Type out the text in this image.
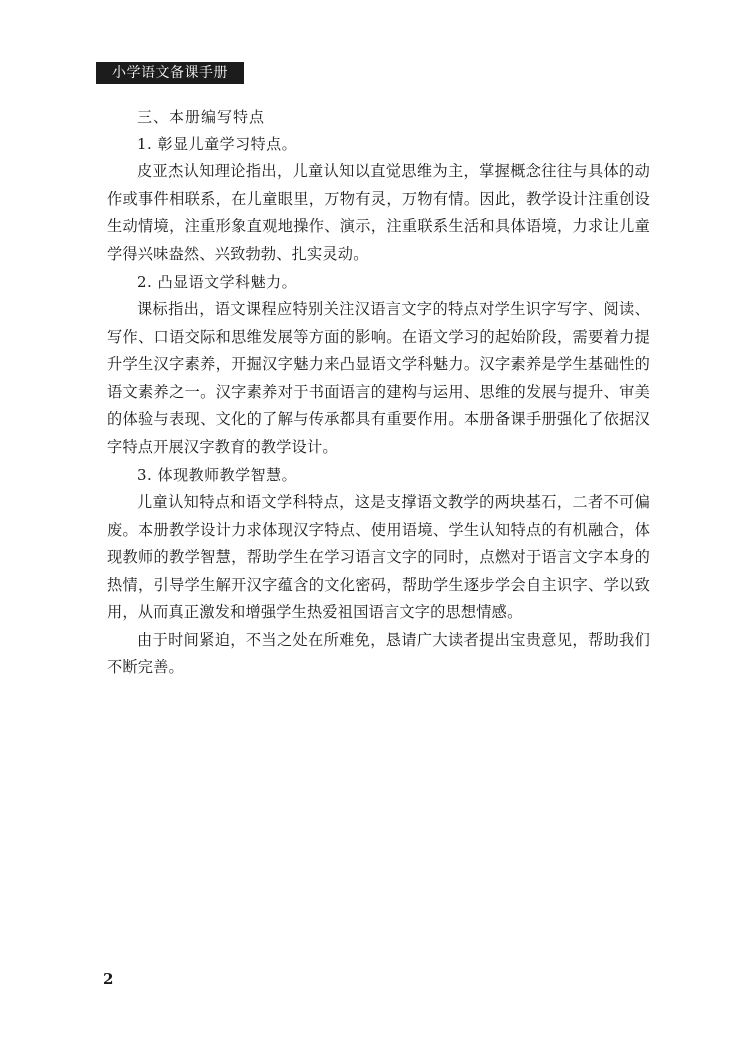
小学语文备课手册

三、本册编写特点

1. 彰显儿童学习特点。

皮亚杰认知理论指出，儿童认知以直觉思维为主，掌握概念往往与具体的动作或事件相联系，在儿童眼里，万物有灵，万物有情。因此，教学设计注重创设生动情境，注重形象直观地操作、演示，注重联系生活和具体语境，力求让儿童学得兴味盎然、兴致勃勃、扎实灵动。

2. 凸显语文学科魅力。

课标指出，语文课程应特别关注汉语言文字的特点对学生识字写字、阅读、写作、口语交际和思维发展等方面的影响。在语文学习的起始阶段，需要着力提升学生汉字素养，开掘汉字魅力来凸显语文学科魅力。汉字素养是学生基础性的语文素养之一。汉字素养对于书面语言的建构与运用、思维的发展与提升、审美的体验与表现、文化的了解与传承都具有重要作用。本册备课手册强化了依据汉字特点开展汉字教育的教学设计。

3. 体现教师教学智慧。

儿童认知特点和语文学科特点，这是支撑语文教学的两块基石，二者不可偏废。本册教学设计力求体现汉字特点、使用语境、学生认知特点的有机融合，体现教师的教学智慧，帮助学生在学习语言文字的同时，点燃对于语言文字本身的热情，引导学生解开汉字蕴含的文化密码，帮助学生逐步学会自主识字、学以致用，从而真正激发和增强学生热爱祖国语言文字的思想情感。

由于时间紧迫，不当之处在所难免，恳请广大读者提出宝贵意见，帮助我们不断完善。

2
